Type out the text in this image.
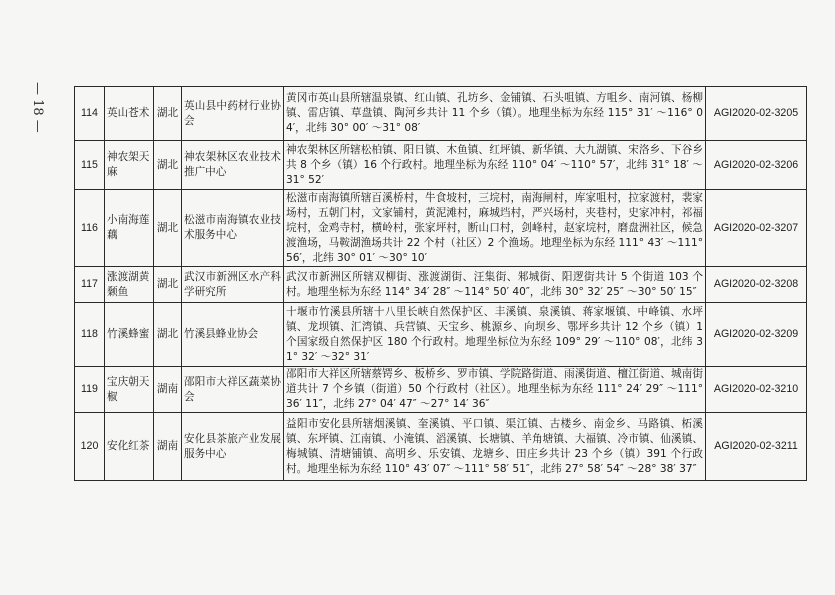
— 18 —	114	英山苍术	湖北	英山县中药材行业协会	黄冈市英山县所辖温泉镇、红山镇、孔坊乡、金铺镇、石头咀镇、方咀乡、南河镇、杨柳镇、雷店镇、草盘镇、陶河乡共计 11 个乡（镇）。地理坐标为东经 115° 31′ ～116° 04′，北纬 30° 00′ ～31° 08′	AGI2020-02-3205
115	神农架天麻	湖北	神农架林区农业技术推广中心	神农架林区所辖松柏镇、阳日镇、木鱼镇、红坪镇、新华镇、大九湖镇、宋洛乡、下谷乡共 8 个乡（镇）16 个行政村。地理坐标为东经 110° 04′ ～110° 57′，北纬 31° 18′ ～31° 52′	AGI2020-02-3206
116	小南海莲藕	湖北	松滋市南海镇农业技术服务中心	松滋市南海镇所辖百溪桥村，牛食坡村，三垸村，南海闸村，库家咀村，拉家渡村，裴家场村，五朝门村，文家铺村，黄泥滩村，麻城垱村，严兴场村，夹巷村，史家冲村，祁福垸村，金鸡寺村，横岭村，张家坪村，断山口村，剑峰村，赵家垸村，磨盘洲社区，候急渡渔场，马鞍湖渔场共计 22 个村（社区）2 个渔场。地理坐标为东经 111° 43′ ～111° 56′，北纬 30° 01′ ～30° 10′	AGI2020-02-3207
117	涨渡湖黄颡鱼	湖北	武汉市新洲区水产科学研究所	武汉市新洲区所辖双柳街、涨渡湖街、汪集街、邾城街、阳逻街共计 5 个街道 103 个村。地理坐标为东经 114° 34′ 28″ ～114° 50′ 40″，北纬 30° 32′ 25″ ～30° 50′ 15″	AGI2020-02-3208
118	竹溪蜂蜜	湖北	竹溪县蜂业协会	十堰市竹溪县所辖十八里长峡自然保护区、丰溪镇、泉溪镇、蒋家堰镇、中峰镇、水坪镇、龙坝镇、汇湾镇、兵营镇、天宝乡、桃源乡、向坝乡、鄂坪乡共计 12 个乡（镇）1 个国家级自然保护区 180 个行政村。地理坐标位为东经 109° 29′ ～110° 08′，北纬 31° 32′ ～32° 31′	AGI2020-02-3209
119	宝庆朝天椒	湖南	邵阳市大祥区蔬菜协会	邵阳市大祥区所辖蔡锷乡、板桥乡、罗市镇、学院路街道、雨溪街道、檀江街道、城南街道共计 7 个乡镇（街道）50 个行政村（社区）。地理坐标为东经 111° 24′ 29″ ～111° 36′ 11″，北纬 27° 04′ 47″ ～27° 14′ 36″	AGI2020-02-3210
120	安化红茶	湖南	安化县茶旅产业发展服务中心	益阳市安化县所辖烟溪镇、奎溪镇、平口镇、渠江镇、古楼乡、南金乡、马路镇、柘溪镇、东坪镇、江南镇、小淹镇、滔溪镇、长塘镇、羊角塘镇、大福镇、冷市镇、仙溪镇、梅城镇、清塘铺镇、高明乡、乐安镇、龙塘乡、田庄乡共计 23 个乡（镇）391 个行政村。地理坐标为东经 110° 43′ 07″ ～111° 58′ 51″，北纬 27° 58′ 54″ ～28° 38′ 37″	AGI2020-02-3211
